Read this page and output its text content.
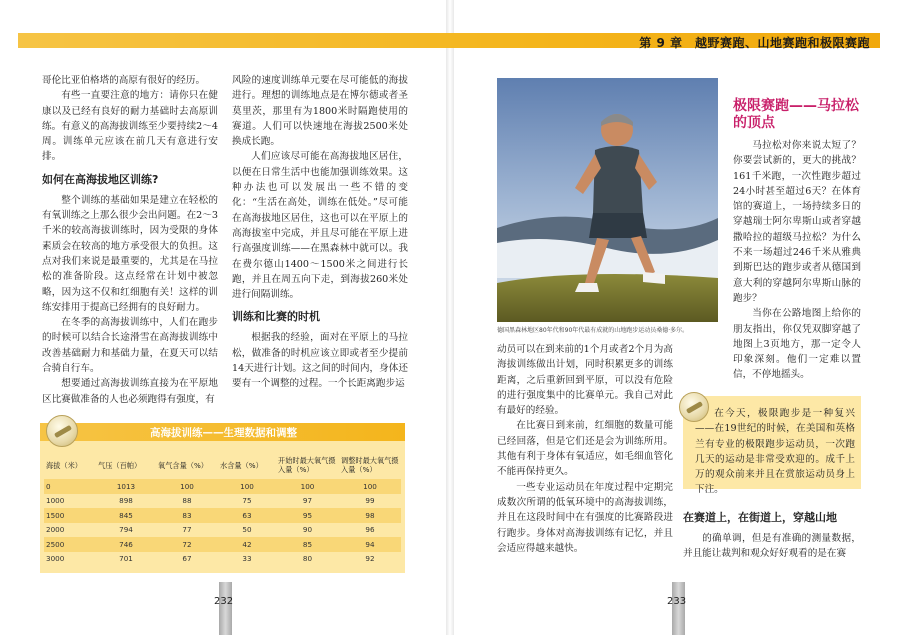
第 9 章　越野赛跑、山地赛跑和极限赛跑

哥伦比亚伯格塔的高原有很好的经历。

有些一直要注意的地方：请你只在健康以及已经有良好的耐力基础时去高原训练。有意义的高海拔训练至少要持续2～4周。训练单元应该在前几天有意进行安排。

如何在高海拔地区训练?

整个训练的基础如果是建立在轻松的有氧训练之上那么很少会出问题。在2～3千米的较高海拔训练时，因为受限的身体素质会在较高的地方承受很大的负担。这点对我们来说是最重要的，尤其是在马拉松的准备阶段。这点经常在计划中被忽略，因为这不仅和红细胞有关！这样的训练安排用于提高已经拥有的良好耐力。

在冬季的高海拔训练中，人们在跑步的时候可以结合长途滑雪在高海拔训练中改善基础耐力和基础力量，在夏天可以结合骑自行车。

想要通过高海拔训练直接为在平原地区比赛做准备的人也必须跑得有强度，有

风险的速度训练单元要在尽可能低的海拔进行。理想的训练地点是在博尔德或者圣莫里茨，那里有为1800米时隔跑使用的赛道。人们可以快速地在海拔2500米处换成长跑。

人们应该尽可能在高海拔地区居住，以便在日常生活中也能加强训练效果。这种办法也可以发展出一些不错的变化：“生活在高处，训练在低处。”尽可能在高海拔地区居住，这也可以在平原上的高海拔室中完成，并且尽可能在平原上进行高强度训练——在黑森林中就可以。我在费尔德山1400～1500米之间进行长跑，并且在周五向下走，到海拔260米处进行间隔训练。

训练和比赛的时机

根据我的经验，面对在平原上的马拉松，做准备的时机应该立即或者至少提前14天进行计划。这之间的时间内，身体还要有一个调整的过程。一个长距离跑步运

高海拔训练——生理数据和调整
海拔（米）	气压（百帕）	氧气含量（%）	水含量（%）	开始时最大氧气摄入量（%）	调整时最大氧气摄入量（%）
0	1013	100	100	100	100
1000	898	88	75	97	99
1500	845	83	63	95	98
2000	794	77	50	90	96
2500	746	72	42	85	94
3000	701	67	33	80	92
232
德国黑森林地区80年代和90年代最有成就的山地跑步运动员桑德·多尔。
极限赛跑——马拉松
的顶点

马拉松对你来说太短了？你要尝试新的，更大的挑战？161千米跑，一次性跑步超过24小时甚至超过6天？在体育馆的赛道上，一场持续多日的穿越瑞士阿尔卑斯山或者穿越撒哈拉的超级马拉松？为什么不来一场超过246千米从雅典到斯巴达的跑步或者从德国到意大利的穿越阿尔卑斯山脉的跑步？

当你在公路地图上给你的朋友指出，你仅凭双脚穿越了地图上3页地方，那一定令人印象深刻。他们一定难以置信，不停地摇头。

动员可以在到来前的1个月或者2个月为高海拔训练做出计划，同时积累更多的训练距离，之后重新回到平原，可以没有危险的进行强度集中的比赛单元。我自己对此有最好的经验。

在比赛日到来前，红细胞的数量可能已经回落，但是它们还是会为训练所用。其他有利于身体有氧适应，如毛细血管化不能再保持更久。

一些专业运动员在年度过程中定期完成数次所谓的低氧环境中的高海拔训练，并且在这段时间中在有强度的比赛路段进行跑步。身体对高海拔训练有记忆，并且会适应得越来越快。

在今天，极限跑步是一种复兴——在19世纪的时候，在美国和英格兰有专业的极限跑步运动员，一次跑几天的运动是非常受欢迎的。成千上万的观众前来并且在赏旅运动员身上下注。
在赛道上，在街道上，穿越山地

的确单调，但是有准确的测量数据，并且能让裁判和观众好好观看的是在赛

233
